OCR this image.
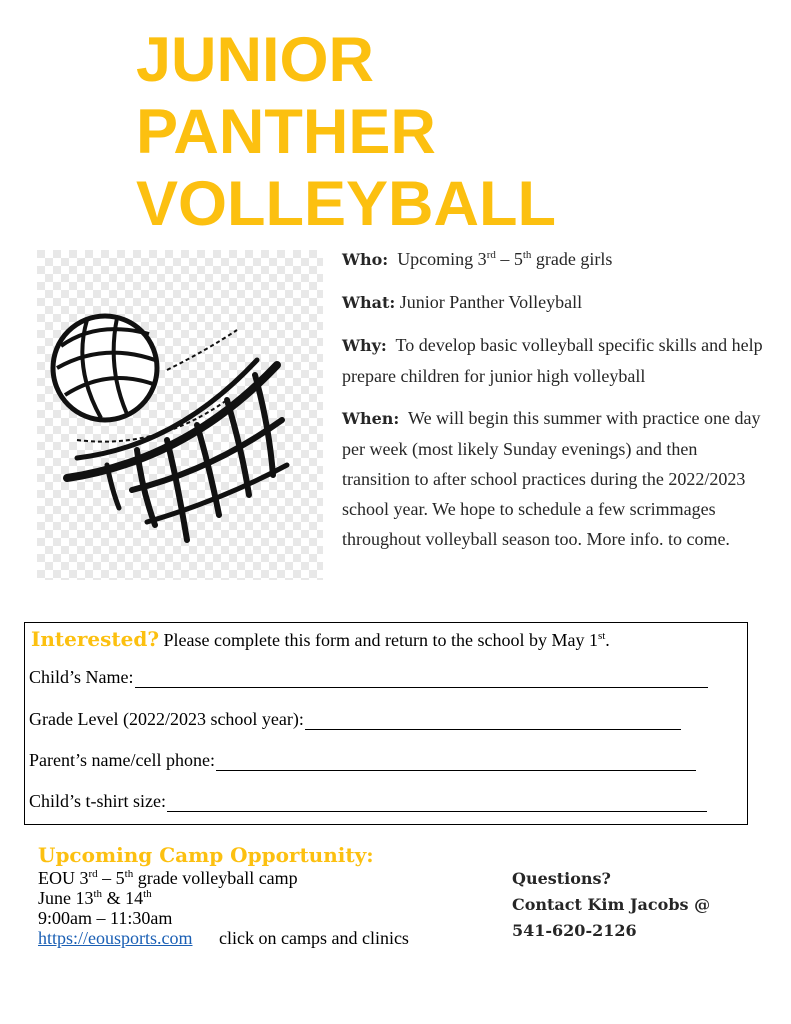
JUNIOR
PANTHER
VOLLEYBALL

Who: Upcoming 3rd – 5th grade girls

What: Junior Panther Volleyball

Why: To develop basic volleyball specific skills and help prepare children for junior high volleyball

When: We will begin this summer with practice one day per week (most likely Sunday evenings) and then transition to after school practices during the 2022/2023 school year. We hope to schedule a few scrimmages throughout volleyball season too. More info. to come.

Interested? Please complete this form and return to the school by May 1st.
Child’s Name:
Grade Level (2022/2023 school year):
Parent’s name/cell phone:
Child’s t-shirt size:
Upcoming Camp Opportunity:
EOU 3rd – 5th grade volleyball camp
June 13th & 14th
9:00am – 11:30am
https://eousports.com click on camps and clinics
Questions?
Contact Kim Jacobs @
541-620-2126
